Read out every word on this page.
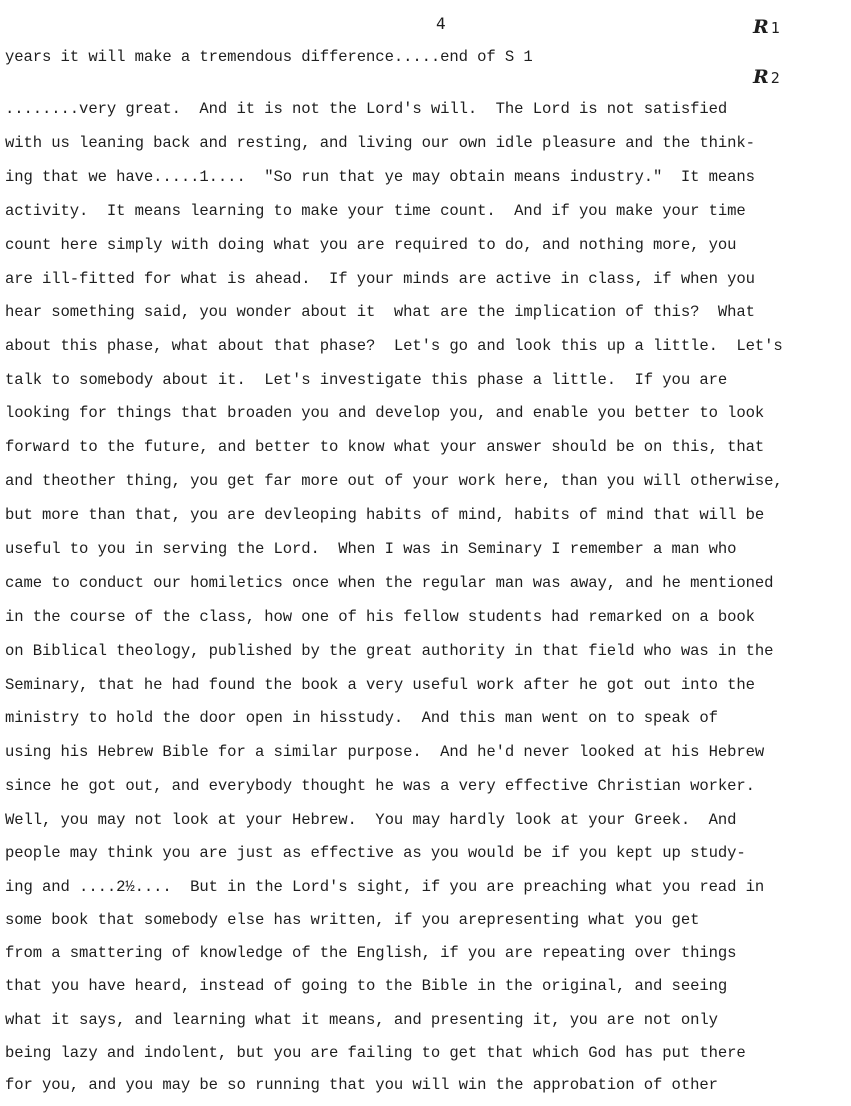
4	R1
R2

years it will make a tremendous difference.....end of S 1

........very great.  And it is not the Lord's will.  The Lord is not satisfied

with us leaning back and resting, and living our own idle pleasure and the think-

ing that we have.....1....  "So run that ye may obtain means industry."  It means

activity.  It means learning to make your time count.  And if you make your time

count here simply with doing what you are required to do, and nothing more, you

are ill-fitted for what is ahead.  If your minds are active in class, if when you

hear something said, you wonder about it  what are the implication of this?  What

about this phase, what about that phase?  Let's go and look this up a little.  Let's

talk to somebody about it.  Let's investigate this phase a little.  If you are

looking for things that broaden you and develop you, and enable you better to look

forward to the future, and better to know what your answer should be on this, that

and theother thing, you get far more out of your work here, than you will otherwise,

but more than that, you are devleoping habits of mind, habits of mind that will be

useful to you in serving the Lord.  When I was in Seminary I remember a man who

came to conduct our homiletics once when the regular man was away, and he mentioned

in the course of the class, how one of his fellow students had remarked on a book

on Biblical theology, published by the great authority in that field who was in the

Seminary, that he had found the book a very useful work after he got out into the

ministry to hold the door open in hisstudy.  And this man went on to speak of

using his Hebrew Bible for a similar purpose.  And he'd never looked at his Hebrew

since he got out, and everybody thought he was a very effective Christian worker.

Well, you may not look at your Hebrew.  You may hardly look at your Greek.  And

people may think you are just as effective as you would be if you kept up study-

ing and ....2½....  But in the Lord's sight, if you are preaching what you read in

some book that somebody else has written, if you arepresenting what you get

from a smattering of knowledge of the English, if you are repeating over things

that you have heard, instead of going to the Bible in the original, and seeing

what it says, and learning what it means, and presenting it, you are not only

being lazy and indolent, but you are failing to get that which God has put there

for you, and you may be so running that you will win the approbation of other
